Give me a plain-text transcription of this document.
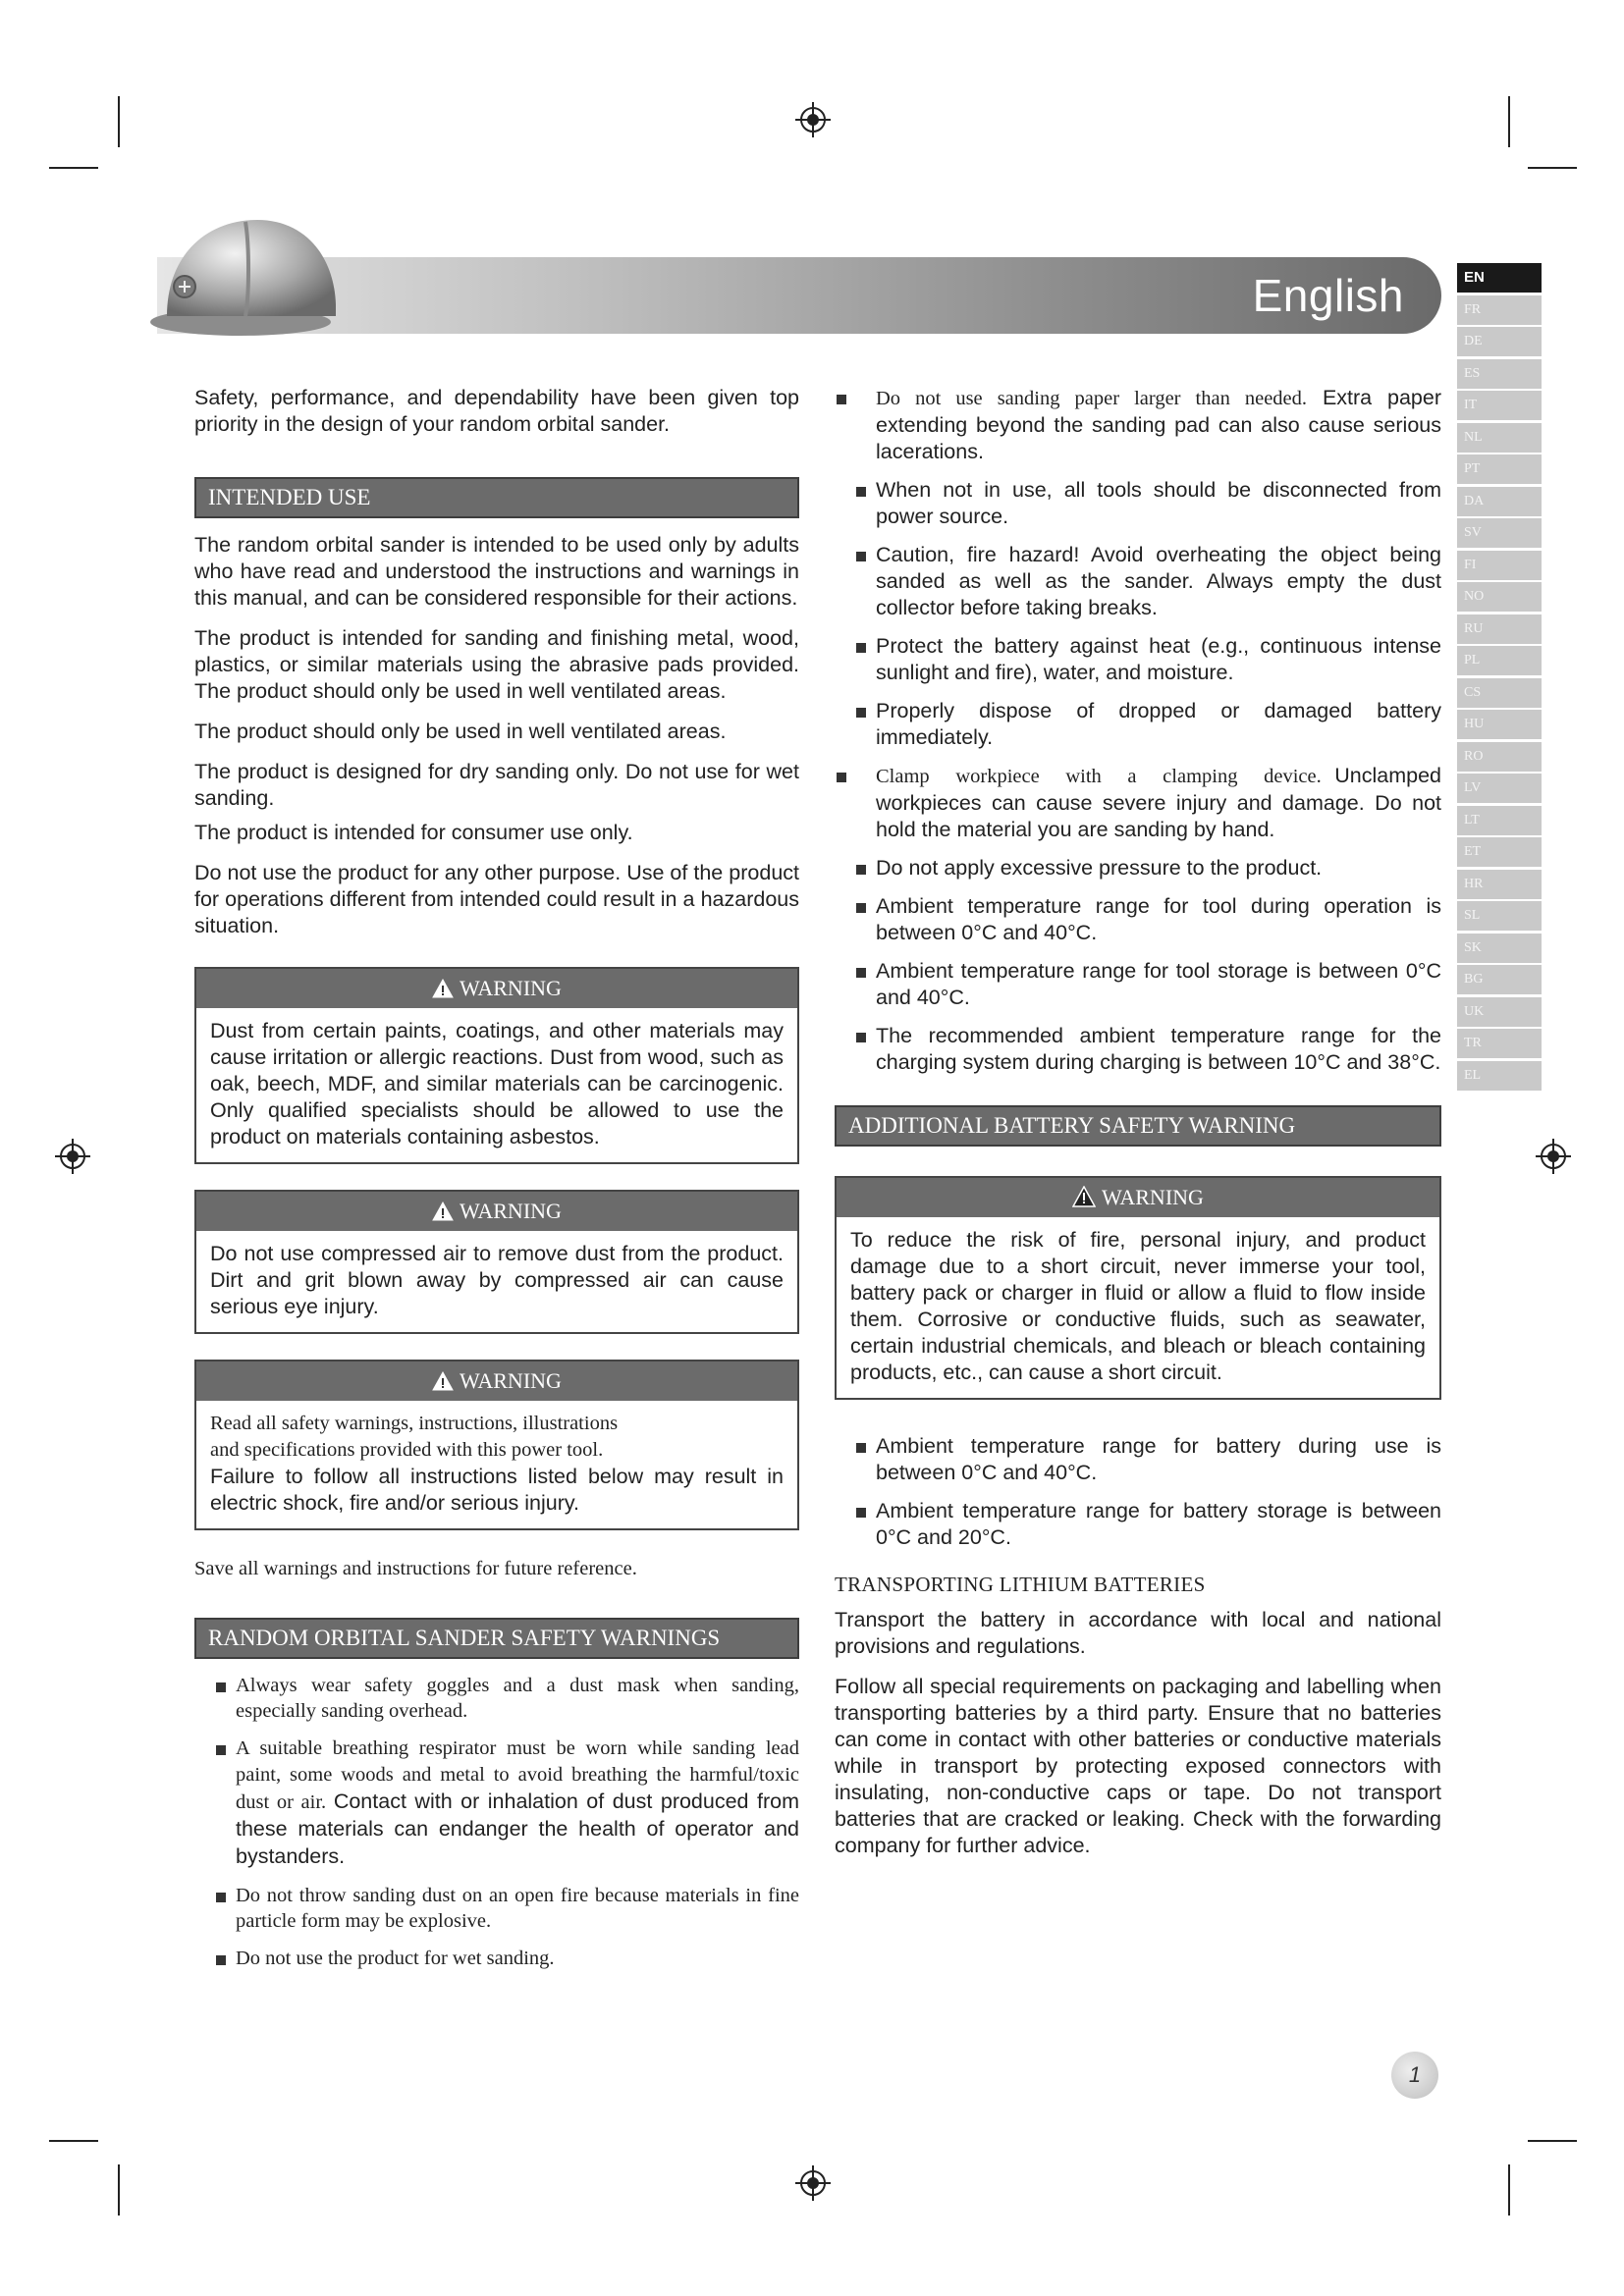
English	EN
FR
DE
ES
IT
NL
PT
DA
SV
FI
NO
RU
PL
CS
HU
RO
LV
LT
ET
HR
SL
SK
BG
UK
TR
EL

Safety, performance, and dependability have been given top priority in the design of your random orbital sander.

INTENDED USE

The random orbital sander is intended to be used only by adults who have read and understood the instructions and warnings in this manual, and can be considered responsible for their actions.

The product is intended for sanding and finishing metal, wood, plastics, or similar materials using the abrasive pads provided. The product should only be used in well ventilated areas.

The product should only be used in well ventilated areas.

The product is designed for dry sanding only. Do not use for wet sanding.

The product is intended for consumer use only.

Do not use the product for any other purpose. Use of the product for operations different from intended could result in a hazardous situation.

WARNING
Dust from certain paints, coatings, and other materials may cause irritation or allergic reactions. Dust from wood, such as oak, beech, MDF, and similar materials can be carcinogenic. Only qualified specialists should be allowed to use the product on materials containing asbestos.
WARNING
Do not use compressed air to remove dust from the product. Dirt and grit blown away by compressed air can cause serious eye injury.
WARNING
Read all safety warnings, instructions, illustrations
and specifications provided with this power tool.
Failure to follow all instructions listed below may result in electric shock, fire and/or serious injury.

Save all warnings and instructions for future reference.

RANDOM ORBITAL SANDER SAFETY WARNINGS
Always wear safety goggles and a dust mask when sanding, especially sanding overhead.
A suitable breathing respirator must be worn while sanding lead paint, some woods and metal to avoid breathing the harmful/toxic dust or air. Contact with or inhalation of dust produced from these materials can endanger the health of operator and bystanders.
Do not throw sanding dust on an open fire because materials in fine particle form may be explosive.
Do not use the product for wet sanding.
Do not use sanding paper larger than needed. Extra paper extending beyond the sanding pad can also cause serious lacerations.
When not in use, all tools should be disconnected from power source.
Caution, fire hazard! Avoid overheating the object being sanded as well as the sander. Always empty the dust collector before taking breaks.
Protect the battery against heat (e.g., continuous intense sunlight and fire), water, and moisture.
Properly dispose of dropped or damaged battery immediately.
Clamp workpiece with a clamping device. Unclamped workpieces can cause severe injury and damage. Do not hold the material you are sanding by hand.
Do not apply excessive pressure to the product.
Ambient temperature range for tool during operation is between 0°C and 40°C.
Ambient temperature range for tool storage is between 0°C and 40°C.
The recommended ambient temperature range for the charging system during charging is between 10°C and 38°C.
ADDITIONAL BATTERY SAFETY WARNING
WARNING
To reduce the risk of fire, personal injury, and product damage due to a short circuit, never immerse your tool, battery pack or charger in fluid or allow a fluid to flow inside them. Corrosive or conductive fluids, such as seawater, certain industrial chemicals, and bleach or bleach containing products, etc., can cause a short circuit.
Ambient temperature range for battery during use is between 0°C and 40°C.
Ambient temperature range for battery storage is between 0°C and 20°C.
TRANSPORTING LITHIUM BATTERIES

Transport the battery in accordance with local and national provisions and regulations.

Follow all special requirements on packaging and labelling when transporting batteries by a third party. Ensure that no batteries can come in contact with other batteries or conductive materials while in transport by protecting exposed connectors with insulating, non-conductive caps or tape. Do not transport batteries that are cracked or leaking. Check with the forwarding company for further advice.

1
